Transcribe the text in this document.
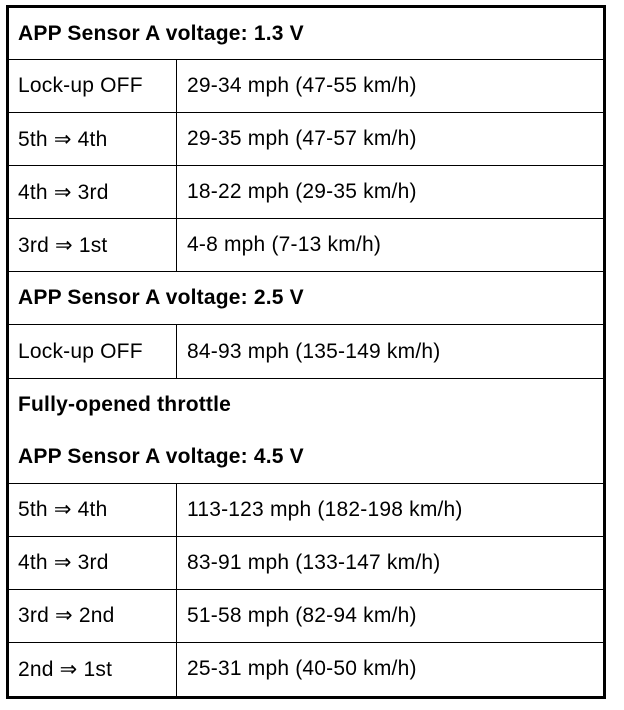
APP Sensor A voltage: 1.3 V
Lock-up OFF	29-34 mph (47-55 km/h)
5th ⇒ 4th	29-35 mph (47-57 km/h)
4th ⇒ 3rd	18-22 mph (29-35 km/h)
3rd ⇒ 1st	4-8 mph (7-13 km/h)
APP Sensor A voltage: 2.5 V
Lock-up OFF	84-93 mph (135-149 km/h)
Fully-opened throttle
APP Sensor A voltage: 4.5 V
5th ⇒ 4th	113-123 mph (182-198 km/h)
4th ⇒ 3rd	83-91 mph (133-147 km/h)
3rd ⇒ 2nd	51-58 mph (82-94 km/h)
2nd ⇒ 1st	25-31 mph (40-50 km/h)
